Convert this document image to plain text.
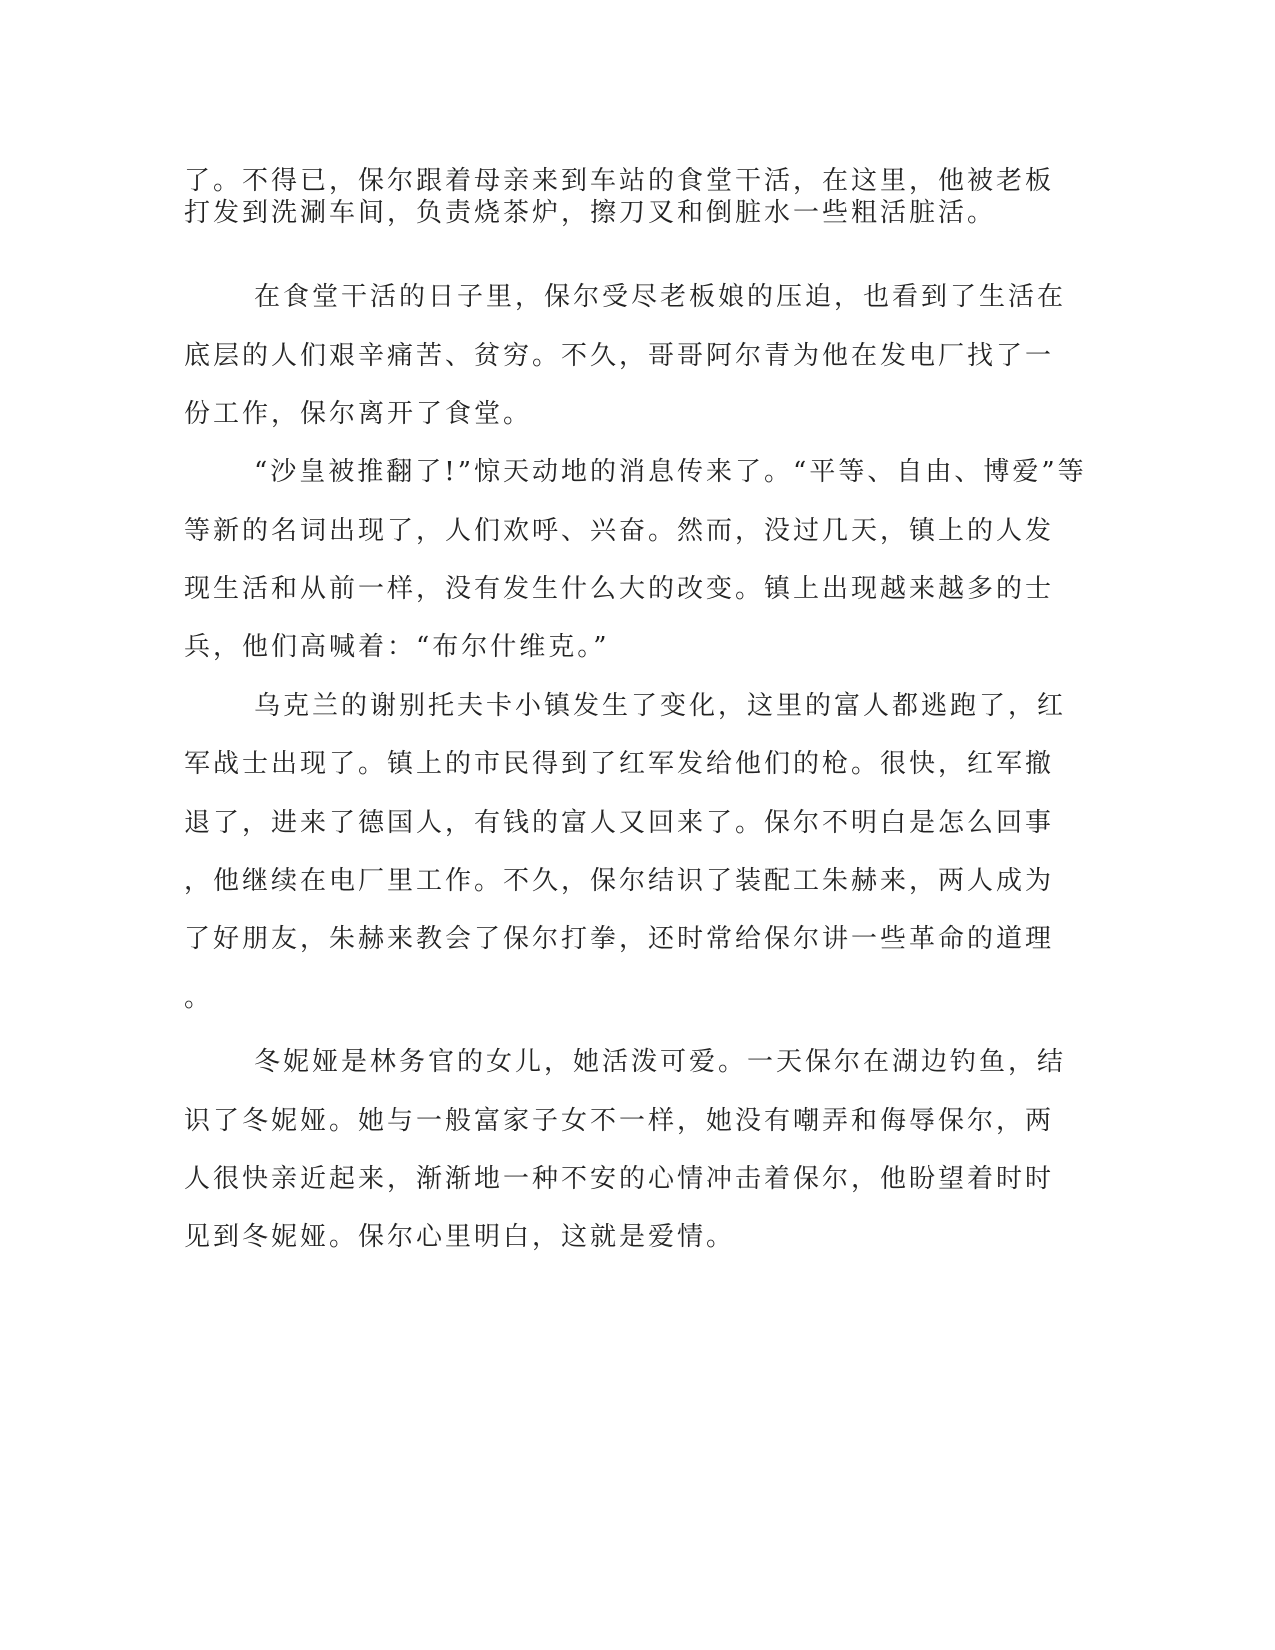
了。不得已，保尔跟着母亲来到车站的食堂干活，在这里，他被老板

打发到洗涮车间，负责烧茶炉，擦刀叉和倒脏水一些粗活脏活。

在食堂干活的日子里，保尔受尽老板娘的压迫，也看到了生活在

底层的人们艰辛痛苦、贫穷。不久，哥哥阿尔青为他在发电厂找了一

份工作，保尔离开了食堂。

“沙皇被推翻了!”惊天动地的消息传来了。“平等、自由、博爱”等

等新的名词出现了，人们欢呼、兴奋。然而，没过几天，镇上的人发

现生活和从前一样，没有发生什么大的改变。镇上出现越来越多的士

兵，他们高喊着：“布尔什维克。”

乌克兰的谢别托夫卡小镇发生了变化，这里的富人都逃跑了，红

军战士出现了。镇上的市民得到了红军发给他们的枪。很快，红军撤

退了，进来了德国人，有钱的富人又回来了。保尔不明白是怎么回事

，他继续在电厂里工作。不久，保尔结识了装配工朱赫来，两人成为

了好朋友，朱赫来教会了保尔打拳，还时常给保尔讲一些革命的道理

。

冬妮娅是林务官的女儿，她活泼可爱。一天保尔在湖边钓鱼，结

识了冬妮娅。她与一般富家子女不一样，她没有嘲弄和侮辱保尔，两

人很快亲近起来，渐渐地一种不安的心情冲击着保尔，他盼望着时时

见到冬妮娅。保尔心里明白，这就是爱情。
